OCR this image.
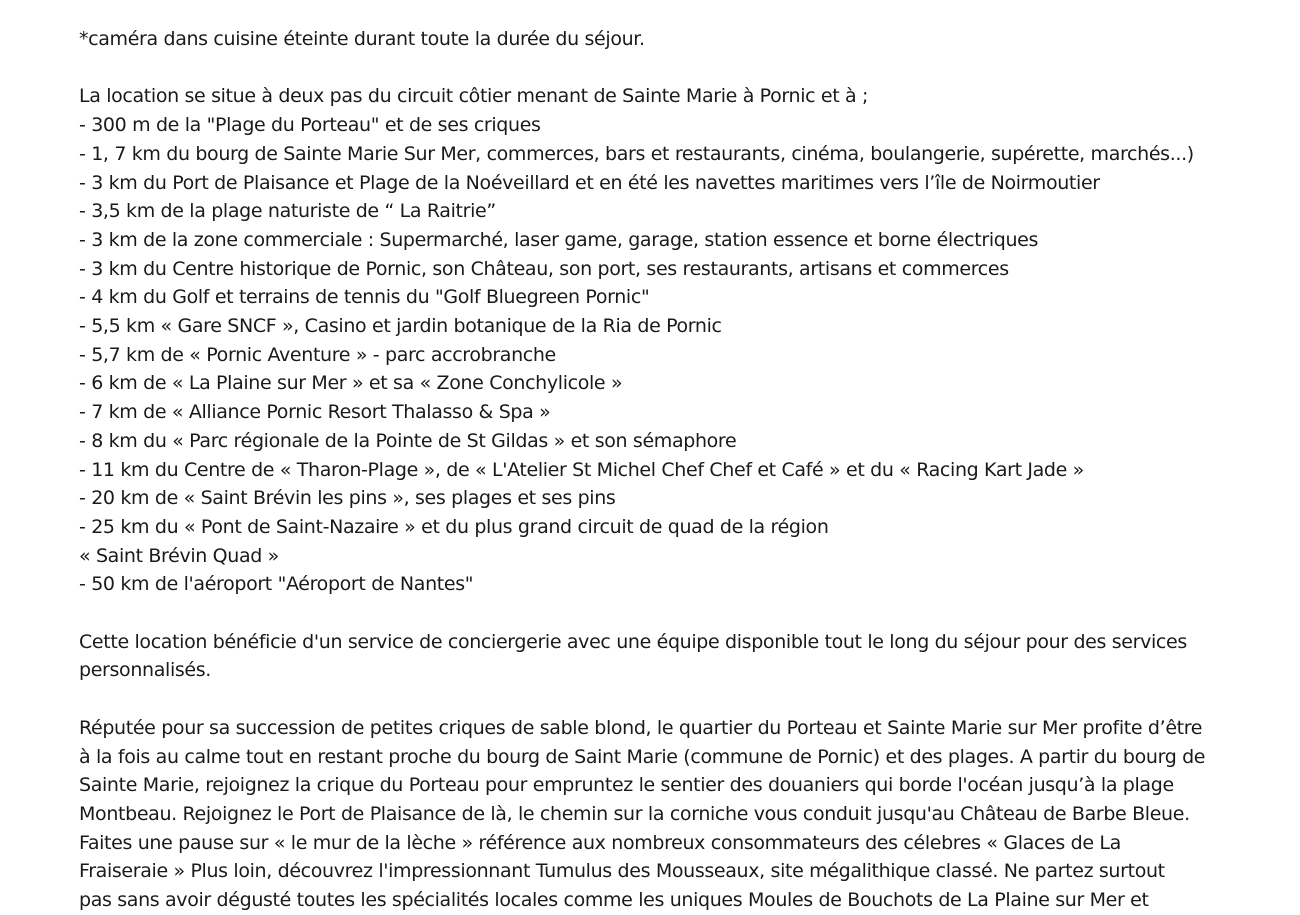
*caméra dans cuisine éteinte durant toute la durée du séjour.
La location se situe à deux pas du circuit côtier menant de Sainte Marie à Pornic et à ;
- 300 m de la "Plage du Porteau" et de ses criques
- 1, 7 km du bourg de Sainte Marie Sur Mer, commerces, bars et restaurants, cinéma, boulangerie, supérette, marchés...)
- 3 km du Port de Plaisance et Plage de la Noéveillard et en été les navettes maritimes vers l’île de Noirmoutier
- 3,5 km de la plage naturiste de “ La Raitrie”
- 3 km de la zone commerciale : Supermarché, laser game, garage, station essence et borne électriques
- 3 km du Centre historique de Pornic, son Château, son port, ses restaurants, artisans et commerces
- 4 km du Golf et terrains de tennis du "Golf Bluegreen Pornic"
- 5,5 km « Gare SNCF », Casino et jardin botanique de la Ria de Pornic
- 5,7 km de « Pornic Aventure » - parc accrobranche
- 6 km de « La Plaine sur Mer » et sa « Zone Conchylicole »
- 7 km de « Alliance Pornic Resort Thalasso & Spa »
- 8 km du « Parc régionale de la Pointe de St Gildas » et son sémaphore
- 11 km du Centre de « Tharon-Plage », de « L'Atelier St Michel Chef Chef et Café » et du « Racing Kart Jade »
- 20 km de « Saint Brévin les pins », ses plages et ses pins
- 25 km du « Pont de Saint-Nazaire » et du plus grand circuit de quad de la région
« Saint Brévin Quad »
- 50 km de l'aéroport "Aéroport de Nantes"
Cette location bénéficie d'un service de conciergerie avec une équipe disponible tout le long du séjour pour des services
personnalisés.
Réputée pour sa succession de petites criques de sable blond, le quartier du Porteau et Sainte Marie sur Mer profite d’être
à la fois au calme tout en restant proche du bourg de Saint Marie (commune de Pornic) et des plages. A partir du bourg de
Sainte Marie, rejoignez la crique du Porteau pour empruntez le sentier des douaniers qui borde l'océan jusqu’à la plage
Montbeau. Rejoignez le Port de Plaisance de là, le chemin sur la corniche vous conduit jusqu'au Château de Barbe Bleue.
Faites une pause sur « le mur de la lèche » référence aux nombreux consommateurs des célebres « Glaces de La
Fraiseraie » Plus loin, découvrez l'impressionnant Tumulus des Mousseaux, site mégalithique classé. Ne partez surtout
pas sans avoir dégusté toutes les spécialités locales comme les uniques Moules de Bouchots de La Plaine sur Mer et
